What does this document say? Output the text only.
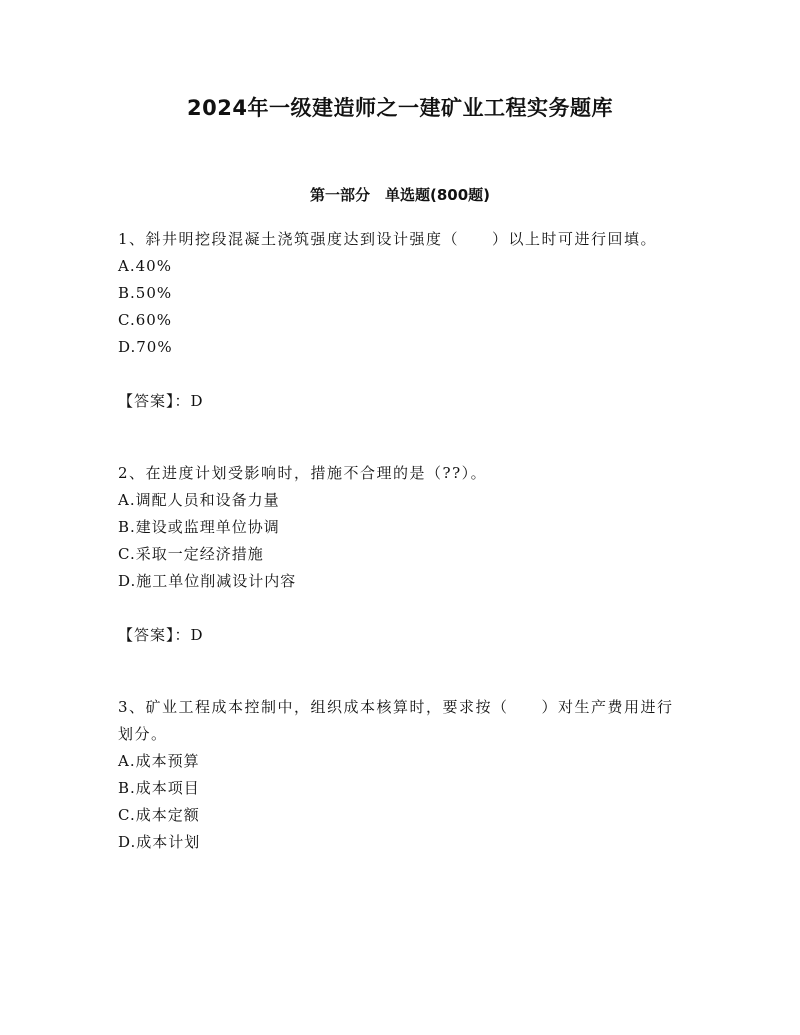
2024年一级建造师之一建矿业工程实务题库
第一部分　单选题(800题)

1、斜井明挖段混凝土浇筑强度达到设计强度（　　）以上时可进行回填。

A.40%

B.50%

C.60%

D.70%

【答案】：D

2、在进度计划受影响时，措施不合理的是（??）。

A.调配人员和设备力量

B.建设或监理单位协调

C.采取一定经济措施

D.施工单位削减设计内容

【答案】：D

3、矿业工程成本控制中，组织成本核算时，要求按（　　）对生产费用进行划分。

A.成本预算

B.成本项目

C.成本定额

D.成本计划
